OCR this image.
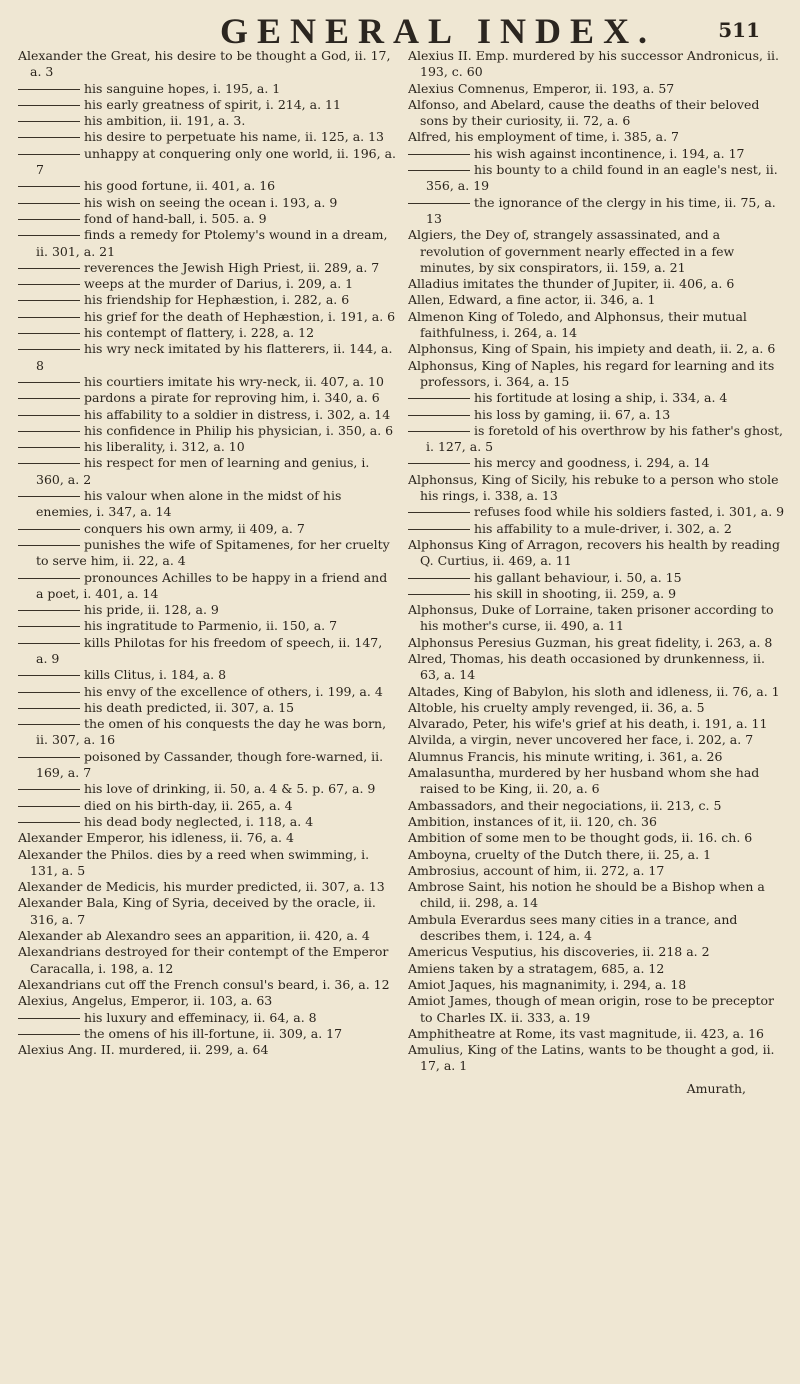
GENERAL INDEX.	511

Alexander the Great, his desire to be thought a God, ii. 17, a. 3

his sanguine hopes, i. 195, a. 1

his early greatness of spirit, i. 214, a. 11

his ambition, ii. 191, a. 3.

his desire to perpetuate his name, ii. 125, a. 13

unhappy at conquering only one world, ii. 196, a. 7

his good fortune, ii. 401, a. 16

his wish on seeing the ocean i. 193, a. 9

fond of hand-ball, i. 505. a. 9

finds a remedy for Ptolemy's wound in a dream, ii. 301, a. 21

reverences the Jewish High Priest, ii. 289, a. 7

weeps at the murder of Darius, i. 209, a. 1

his friendship for Hephæstion, i. 282, a. 6

his grief for the death of Hephæstion, i. 191, a. 6

his contempt of flattery, i. 228, a. 12

his wry neck imitated by his flatterers, ii. 144, a. 8

his courtiers imitate his wry-neck, ii. 407, a. 10

pardons a pirate for reproving him, i. 340, a. 6

his affability to a soldier in distress, i. 302, a. 14

his confidence in Philip his physician, i. 350, a. 6

his liberality, i. 312, a. 10

his respect for men of learning and genius, i. 360, a. 2

his valour when alone in the midst of his enemies, i. 347, a. 14

conquers his own army, ii 409, a. 7

punishes the wife of Spitamenes, for her cruelty to serve him, ii. 22, a. 4

pronounces Achilles to be happy in a friend and a poet, i. 401, a. 14

his pride, ii. 128, a. 9

his ingratitude to Parmenio, ii. 150, a. 7

kills Philotas for his freedom of speech, ii. 147, a. 9

kills Clitus, i. 184, a. 8

his envy of the excellence of others, i. 199, a. 4

his death predicted, ii. 307, a. 15

the omen of his conquests the day he was born, ii. 307, a. 16

poisoned by Cassander, though fore-warned, ii. 169, a. 7

his love of drinking, ii. 50, a. 4 & 5. p. 67, a. 9

died on his birth-day, ii. 265, a. 4

his dead body neglected, i. 118, a. 4

Alexander Emperor, his idleness, ii. 76, a. 4

Alexander the Philos. dies by a reed when swimming, i. 131, a. 5

Alexander de Medicis, his murder predicted, ii. 307, a. 13

Alexander Bala, King of Syria, deceived by the oracle, ii. 316, a. 7

Alexander ab Alexandro sees an apparition, ii. 420, a. 4

Alexandrians destroyed for their contempt of the Emperor Caracalla, i. 198, a. 12

Alexandrians cut off the French consul's beard, i. 36, a. 12

Alexius, Angelus, Emperor, ii. 103, a. 63

his luxury and effeminacy, ii. 64, a. 8

the omens of his ill-fortune, ii. 309, a. 17

Alexius Ang. II. murdered, ii. 299, a. 64

Alexius II. Emp. murdered by his successor Andronicus, ii. 193, c. 60

Alexius Comnenus, Emperor, ii. 193, a. 57

Alfonso, and Abelard, cause the deaths of their beloved sons by their curiosity, ii. 72, a. 6

Alfred, his employment of time, i. 385, a. 7

his wish against incontinence, i. 194, a. 17

his bounty to a child found in an eagle's nest, ii. 356, a. 19

the ignorance of the clergy in his time, ii. 75, a. 13

Algiers, the Dey of, strangely assassinated, and a revolution of government nearly effected in a few minutes, by six conspirators, ii. 159, a. 21

Alladius imitates the thunder of Jupiter, ii. 406, a. 6

Allen, Edward, a fine actor, ii. 346, a. 1

Almenon King of Toledo, and Alphonsus, their mutual faithfulness, i. 264, a. 14

Alphonsus, King of Spain, his impiety and death, ii. 2, a. 6

Alphonsus, King of Naples, his regard for learning and its professors, i. 364, a. 15

his fortitude at losing a ship, i. 334, a. 4

his loss by gaming, ii. 67, a. 13

is foretold of his overthrow by his father's ghost, i. 127, a. 5

his mercy and goodness, i. 294, a. 14

Alphonsus, King of Sicily, his rebuke to a person who stole his rings, i. 338, a. 13

refuses food while his soldiers fasted, i. 301, a. 9

his affability to a mule-driver, i. 302, a. 2

Alphonsus King of Arragon, recovers his health by reading Q. Curtius, ii. 469, a. 11

his gallant behaviour, i. 50, a. 15

his skill in shooting, ii. 259, a. 9

Alphonsus, Duke of Lorraine, taken prisoner according to his mother's curse, ii. 490, a. 11

Alphonsus Peresius Guzman, his great fidelity, i. 263, a. 8

Alred, Thomas, his death occasioned by drunkenness, ii. 63, a. 14

Altades, King of Babylon, his sloth and idleness, ii. 76, a. 1

Altoble, his cruelty amply revenged, ii. 36, a. 5

Alvarado, Peter, his wife's grief at his death, i. 191, a. 11

Alvilda, a virgin, never uncovered her face, i. 202, a. 7

Alumnus Francis, his minute writing, i. 361, a. 26

Amalasuntha, murdered by her husband whom she had raised to be King, ii. 20, a. 6

Ambassadors, and their negociations, ii. 213, c. 5

Ambition, instances of it, ii. 120, ch. 36

Ambition of some men to be thought gods, ii. 16. ch. 6

Amboyna, cruelty of the Dutch there, ii. 25, a. 1

Ambrosius, account of him, ii. 272, a. 17

Ambrose Saint, his notion he should be a Bishop when a child, ii. 298, a. 14

Ambula Everardus sees many cities in a trance, and describes them, i. 124, a. 4

Americus Vesputius, his discoveries, ii. 218 a. 2

Amiens taken by a stratagem, 685, a. 12

Amiot Jaques, his magnanimity, i. 294, a. 18

Amiot James, though of mean origin, rose to be preceptor to Charles IX. ii. 333, a. 19

Amphitheatre at Rome, its vast magnitude, ii. 423, a. 16

Amulius, King of the Latins, wants to be thought a god, ii. 17, a. 1

Amurath,
